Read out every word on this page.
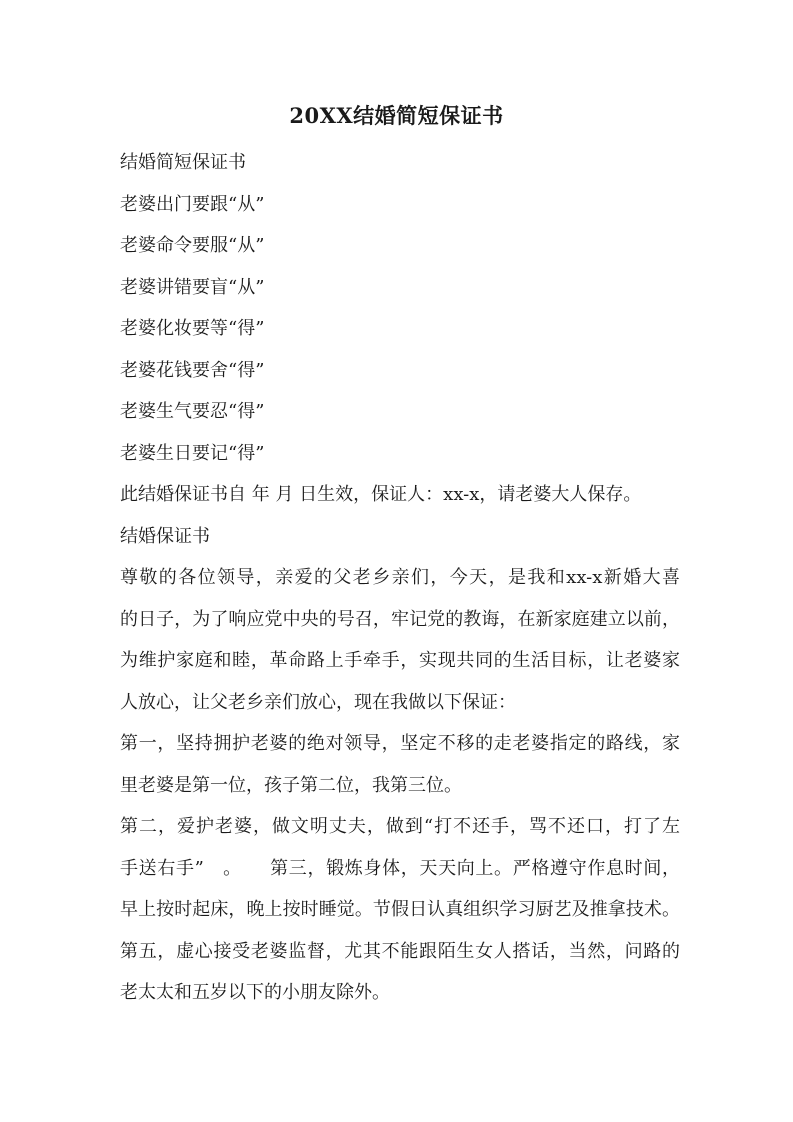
20XX结婚简短保证书
结婚简短保证书
老婆出门要跟“从”
老婆命令要服“从”
老婆讲错要盲“从”
老婆化妆要等“得”
老婆花钱要舍“得”
老婆生气要忍“得”
老婆生日要记“得”
此结婚保证书自 年 月 日生效，保证人：xx-x，请老婆大人保存。
结婚保证书
尊敬的各位领导，亲爱的父老乡亲们，今天，是我和xx-x新婚大喜
的日子，为了响应党中央的号召，牢记党的教诲，在新家庭建立以前，
为维护家庭和睦，革命路上手牵手，实现共同的生活目标，让老婆家
人放心，让父老乡亲们放心，现在我做以下保证：
第一，坚持拥护老婆的绝对领导，坚定不移的走老婆指定的路线，家
里老婆是第一位，孩子第二位，我第三位。
第二，爱护老婆，做文明丈夫，做到“打不还手，骂不还口，打了左
手送右手”　。　　第三，锻炼身体，天天向上。严格遵守作息时间，
早上按时起床，晚上按时睡觉。节假日认真组织学习厨艺及推拿技术。
第五，虚心接受老婆监督，尤其不能跟陌生女人搭话，当然，问路的
老太太和五岁以下的小朋友除外。
